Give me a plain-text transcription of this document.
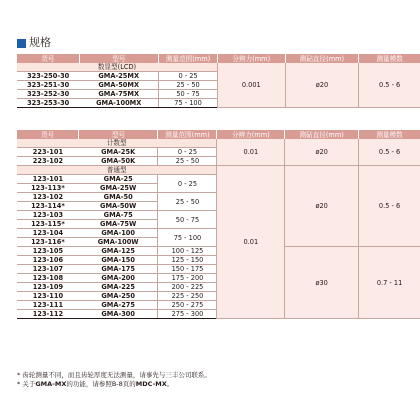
规格
货号	型号	测量范围(mm)	分辨力(mm)	测砧直径(mm)	测量模数
数显型(LCD)			0.001	ø20	0.5 - 6
323-250-30	GMA-25MX	0 - 25			
323-251-30	GMA-50MX	25 - 50			
323-252-30	GMA-75MX	50 - 75			
323-253-30	GMA-100MX	75 - 100			
货号	型号	测量范围(mm)	分辨力(mm)	测砧直径(mm)	测量模数
计数型			0.01	ø20	0.5 - 6
223-101	GMA-25K	0 - 25			
223-102	GMA-50K	25 - 50			
普通型			0.01	ø20	0.5 - 6
123-101	GMA-25	0 - 25			
123-113*	GMA-25W				
123-102	GMA-50	25 - 50			
123-114*	GMA-50W				
123-103	GMA-75	50 - 75			
123-115*	GMA-75W				
123-104	GMA-100	75 - 100			
123-116*	GMA-100W				
123-105	GMA-125	100 - 125		ø30	0.7 - 11
123-106	GMA-150	125 - 150			
123-107	GMA-175	150 - 175			
123-108	GMA-200	175 - 200			
123-109	GMA-225	200 - 225			
123-110	GMA-250	225 - 250			
123-111	GMA-275	250 - 275			
123-112	GMA-300	275 - 300			
* 齿轮测量不同，而且齿轮厚度无法测量，请事先与三丰公司联系。
* 关于GMA-MX的功能，请参照B-8页的MDC-MX。
